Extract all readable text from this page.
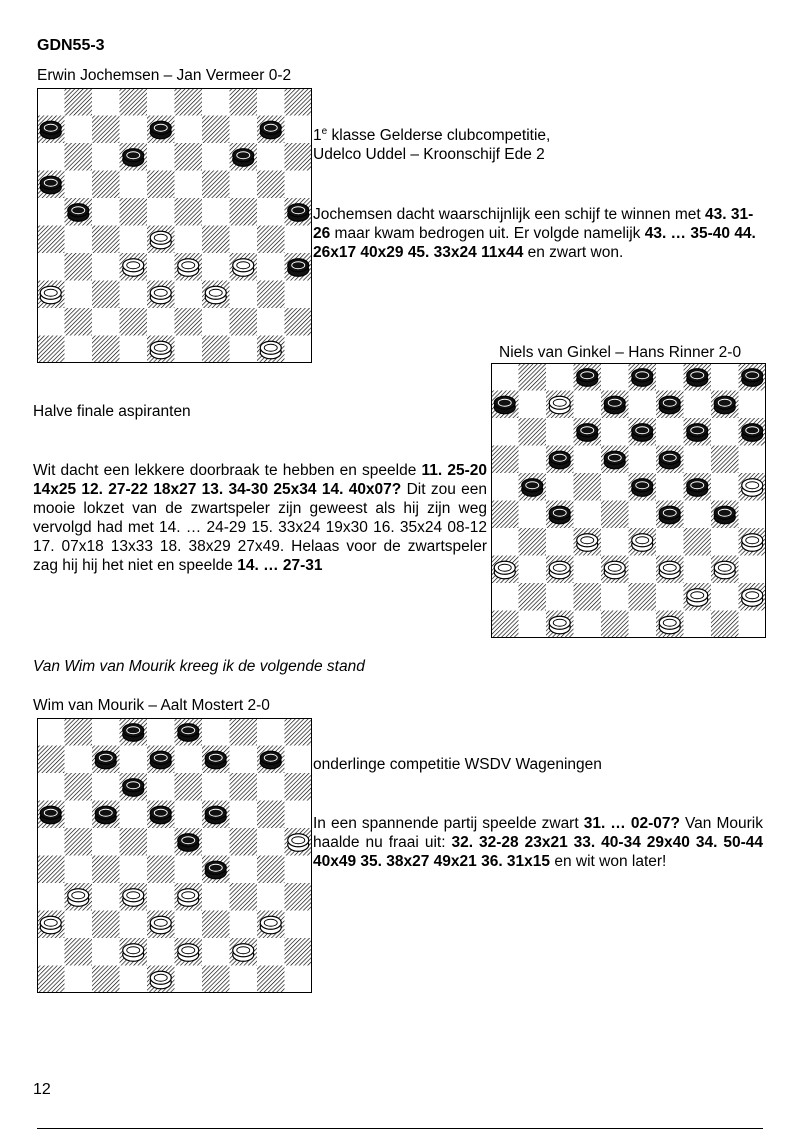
GDN55-3
Erwin Jochemsen – Jan Vermeer 0-2
1e klasse Gelderse clubcompetitie,
Udelco Uddel – Kroonschijf Ede 2
Jochemsen dacht waarschijnlijk een schijf te winnen met 43. 31-26 maar kwam bedrogen uit. Er volgde namelijk 43. … 35-40 44. 26x17 40x29 45. 33x24 11x44 en zwart won.
Niels van Ginkel – Hans Rinner 2-0
Halve finale aspiranten
Wit dacht een lekkere doorbraak te hebben en speelde 11. 25-20 14x25 12. 27-22 18x27 13. 34-30 25x34 14. 40x07? Dit zou een mooie lokzet van de zwartspeler zijn geweest als hij zijn weg vervolgd had met 14. … 24-29 15. 33x24 19x30 16. 35x24 08-12 17. 07x18 13x33 18. 38x29 27x49. Helaas voor de zwartspeler zag hij hij het niet en speelde 14. … 27-31
Van Wim van Mourik kreeg ik de volgende stand
Wim van Mourik – Aalt Mostert 2-0
onderlinge competitie WSDV Wageningen
In een spannende partij speelde zwart 31. … 02-07? Van Mourik haalde nu fraai uit: 32. 32-28 23x21 33. 40-34 29x40 34. 50-44 40x49 35. 38x27 49x21 36. 31x15 en wit won later!
12
